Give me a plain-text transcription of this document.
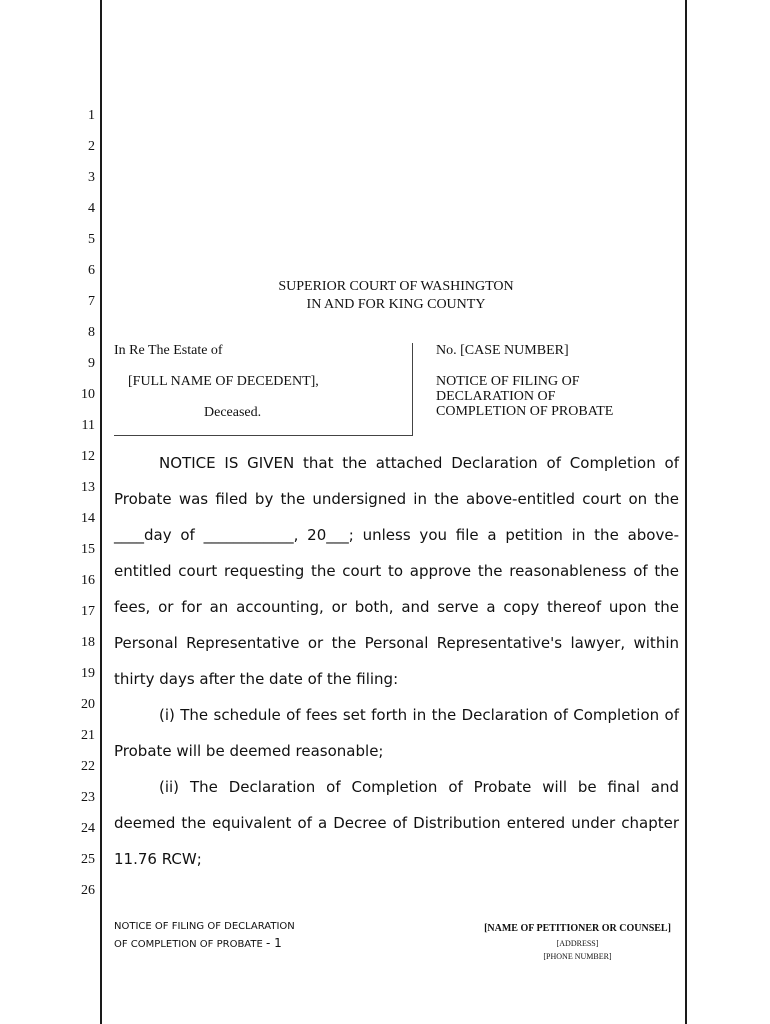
1
2
3
4
5
6
7
8
9
10
11
12
13
14
15
16
17
18
19
20
21
22
23
24
25
26
SUPERIOR COURT OF WASHINGTON
IN AND FOR KING COUNTY
In Re The Estate of
[FULL NAME OF DECEDENT],
Deceased.
No. [CASE NUMBER]
NOTICE OF FILING OF
DECLARATION OF
COMPLETION OF PROBATE
NOTICE IS GIVEN that the attached Declaration of Completion of
Probate was filed by the undersigned in the above-entitled court on the
____day of ____________, 20___; unless you file a petition in the above-
entitled court requesting the court to approve the reasonableness of the
fees, or for an accounting, or both, and serve a copy thereof upon the
Personal Representative or the Personal Representative's lawyer, within
thirty days after the date of the filing:
(i) The schedule of fees set forth in the Declaration of Completion of
Probate will be deemed reasonable;
(ii) The Declaration of Completion of Probate will be final and
deemed the equivalent of a Decree of Distribution entered under chapter
11.76 RCW;
NOTICE OF FILING OF DECLARATION
OF COMPLETION OF PROBATE - 1
[NAME OF PETITIONER OR COUNSEL]
[ADDRESS]
[PHONE NUMBER]
